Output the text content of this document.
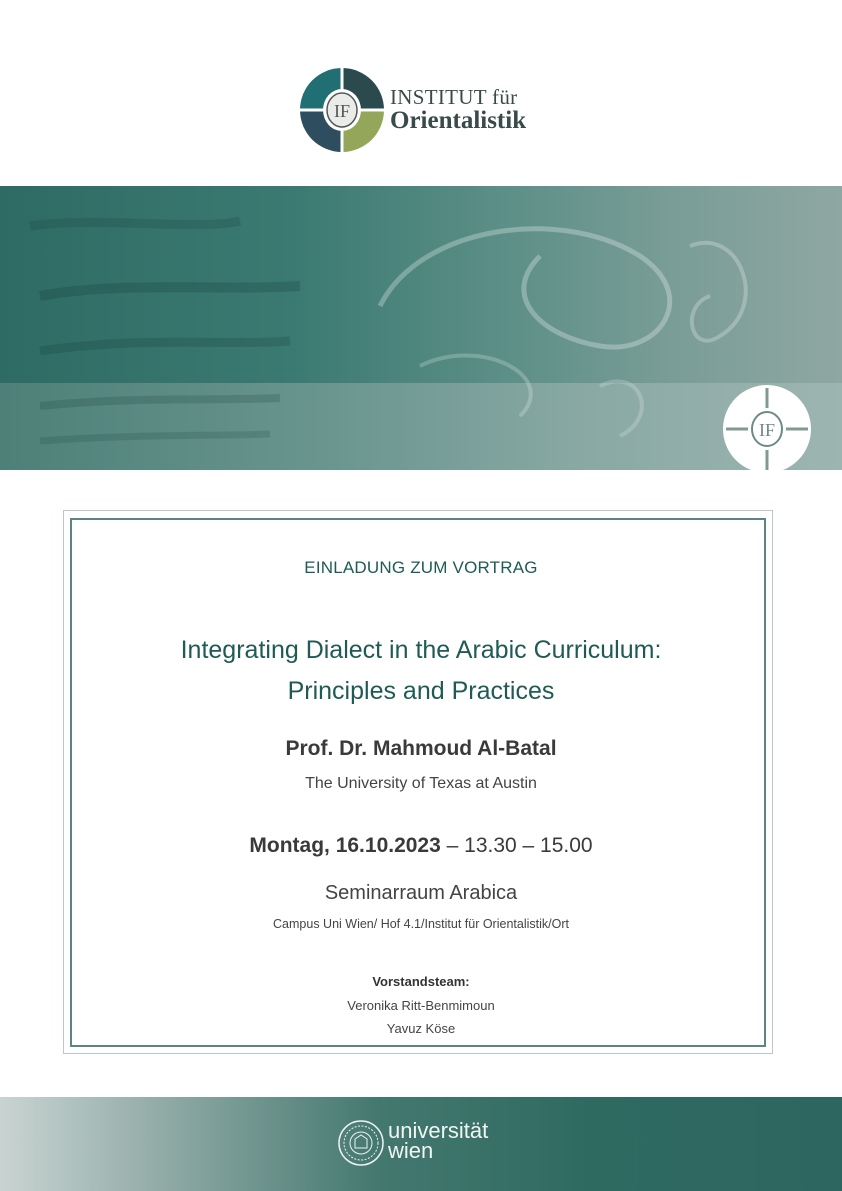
IF
INSTITUT für
Orientalistik
IF
EINLADUNG ZUM VORTRAG
Integrating Dialect in the Arabic Curriculum:
Principles and Practices
Prof. Dr. Mahmoud Al-Batal
The University of Texas at Austin
Montag, 16.10.2023 – 13.30 – 15.00
Seminarraum Arabica
Campus Uni Wien/ Hof 4.1/Institut für Orientalistik/Ort
Vorstandsteam:
Veronika Ritt-Benmimoun
Yavuz Köse
universität
wien
